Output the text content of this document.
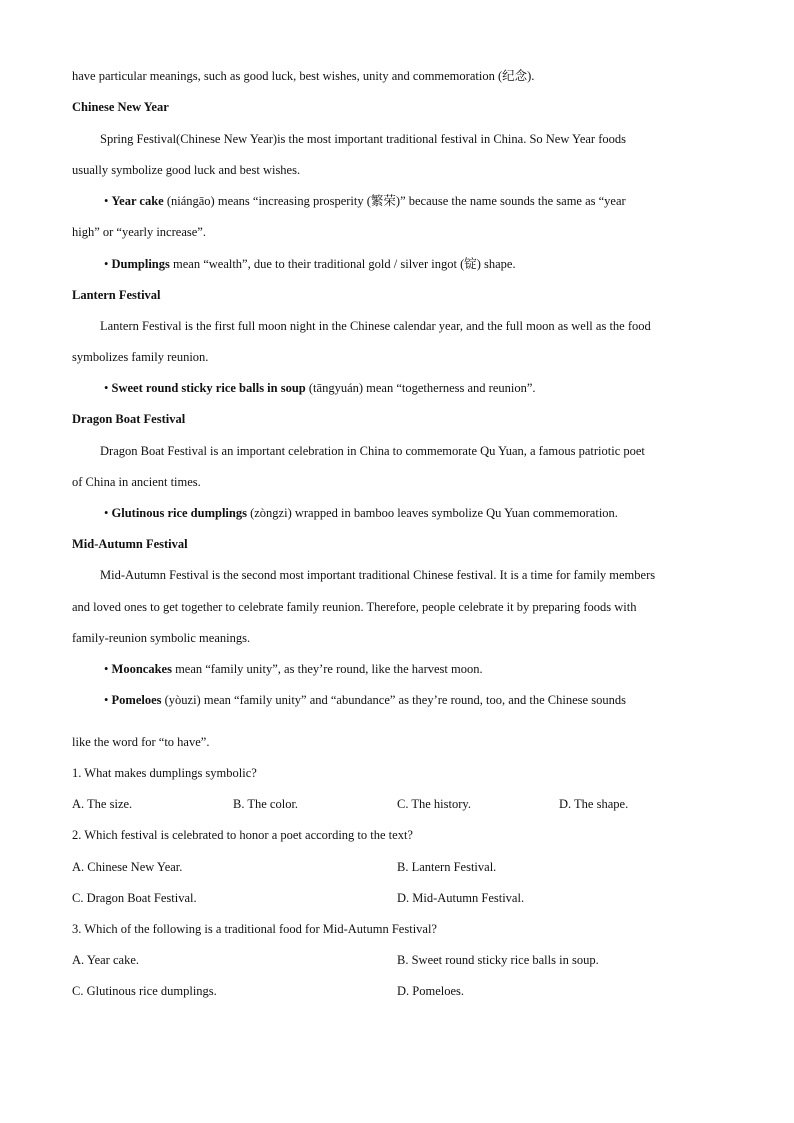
have particular meanings, such as good luck, best wishes, unity and commemoration (纪念).
Chinese New Year
Spring Festival(Chinese New Year)is the most important traditional festival in China. So New Year foods
usually symbolize good luck and best wishes.
• Year cake (niángāo) means “increasing prosperity (繁荣)” because the name sounds the same as “year
high” or “yearly increase”.
• Dumplings mean “wealth”, due to their traditional gold / silver ingot (锭) shape.
Lantern Festival
Lantern Festival is the first full moon night in the Chinese calendar year, and the full moon as well as the food
symbolizes family reunion.
• Sweet round sticky rice balls in soup (tāngyuán) mean “togetherness and reunion”.
Dragon Boat Festival
Dragon Boat Festival is an important celebration in China to commemorate Qu Yuan, a famous patriotic poet
of China in ancient times.
• Glutinous rice dumplings (zòngzi) wrapped in bamboo leaves symbolize Qu Yuan commemoration.
Mid-Autumn Festival
Mid-Autumn Festival is the second most important traditional Chinese festival. It is a time for family members
and loved ones to get together to celebrate family reunion. Therefore, people celebrate it by preparing foods with
family-reunion symbolic meanings.
• Mooncakes mean “family unity”, as they’re round, like the harvest moon.
• Pomeloes (yòuzi) mean “family unity” and “abundance” as they’re round, too, and the Chinese sounds
like the word for “to have”.
1. What makes dumplings symbolic?
A. The size.	B. The color.	C. The history.	D. The shape.
2. Which festival is celebrated to honor a poet according to the text?
A. Chinese New Year.	B. Lantern Festival.
C. Dragon Boat Festival.	D. Mid-Autumn Festival.
3. Which of the following is a traditional food for Mid-Autumn Festival?
A. Year cake.	B. Sweet round sticky rice balls in soup.
C. Glutinous rice dumplings.	D. Pomeloes.
